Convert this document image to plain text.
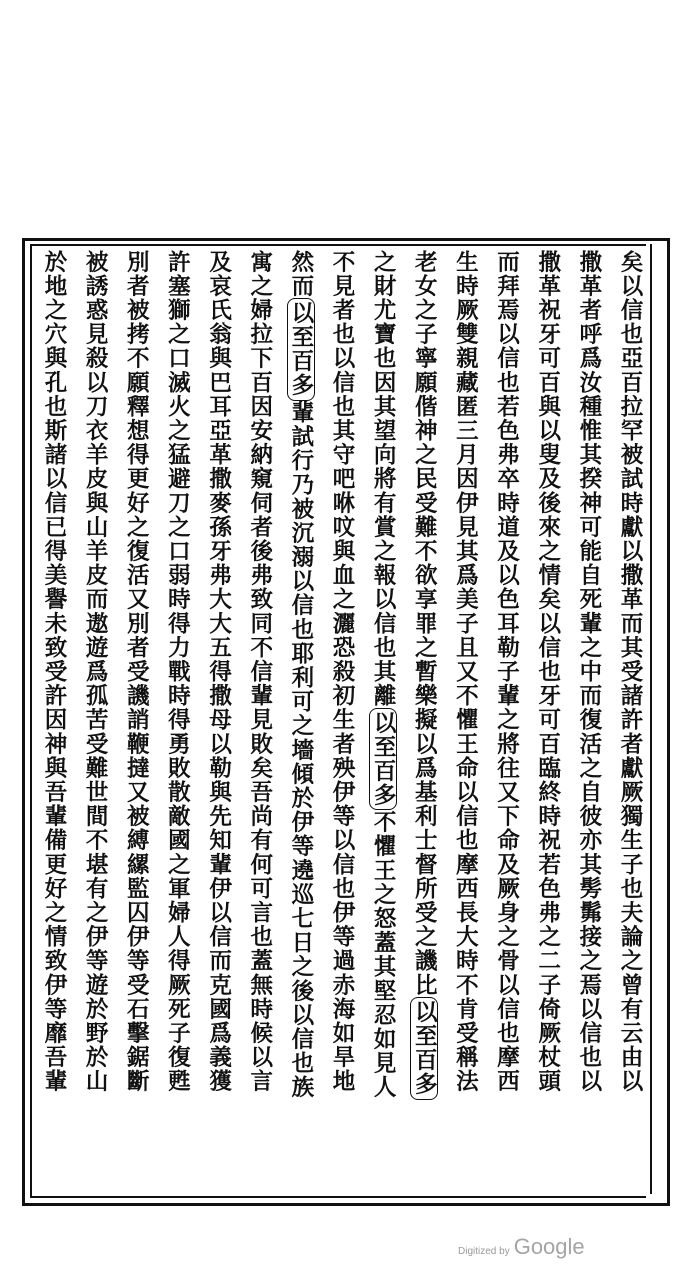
矣以信也亞百拉罕被試時獻以撒革而其受諸許者獻厥獨生子也夫論之曾有云由以
撒革者呼爲汝種惟其揆神可能自死輩之中而復活之自彼亦其髣髴接之焉以信也以
撒革祝牙可百與以叟及後來之情矣以信也牙可百臨終時祝若色弗之二子倚厥杖頭
而拜焉以信也若色弗卒時道及以色耳勒子輩之將往又下命及厥身之骨以信也摩西
生時厥雙親藏匿三月因伊見其爲美子且又不懼王命以信也摩西長大時不肯受稱法
老女之子寧願偕神之民受難不欲享罪之暫樂擬以爲基利士督所受之譏比以至百多
之財尤寶也因其望向將有賞之報以信也其離以至百多不懼王之怒蓋其堅忍如見人
不見者也以信也其守吧咻呅與血之灑恐殺初生者殃伊等以信也伊等過赤海如旱地
然而以至百多輩試行乃被沉溺以信也耶利可之墻傾於伊等遶巡七日之後以信也族
寓之婦拉下百因安納窺伺者後弗致同不信輩見敗矣吾尚有何可言也蓋無時候以言
及哀氏翁與巴耳亞革撒麥孫牙弗大大五得撒母以勒與先知輩伊以信而克國爲義獲
許塞獅之口滅火之猛避刀之口弱時得力戰時得勇敗散敵國之軍婦人得厥死子復甦
別者被拷不願釋想得更好之復活又別者受譏誚鞭撻又被縛縲監囚伊等受石擊鋸斷
被誘惑見殺以刀衣羊皮與山羊皮而遨遊爲孤苦受難世間不堪有之伊等遊於野於山
於地之穴與孔也斯諸以信已得美譽未致受許因神與吾輩備更好之情致伊等靡吾輩
Digitized by Google
